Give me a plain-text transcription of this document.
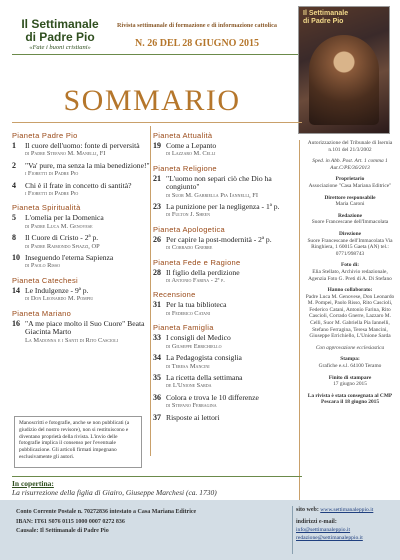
Il Settimanale
di Padre Pio
«Fate i buoni cristiani»
Rivista settimanale di formazione e di informazione cattolica
N. 26 DEL 28 GIUGNO 2015
Il Settimanale
di Padre Pio
SOMMARIO
Pianeta Padre Pio
1	Il cuore dell'uomo: fonte di perversità
di Padre Stefano M. Manelli, FI
2	"Va' pure, ma senza la mia benedizione!"
i Fioretti di Padre Pio
4	Chi è il frate in concetto di santità?
i Fioretti di Padre Pio
Pianeta Spiritualità
5	L'omelia per la Domenica
di Padre Luca M. Genovese
8	Il Cuore di Cristo - 2ª p.
di Padre Raimondo Spiazzi, OP
10 Inseguendo l'eterna Sapienza
di Paolo Risso
Pianeta Catechesi
14 Le Indulgenze - 9ª p.
di Don Leonardo M. Pompei
Pianeta Mariano
16 "A me piace molto il Suo Cuore" Beata Giacinta Marto
La Madonna e i Santi di Rito Cascioli
Pianeta Attualità
19 Come a Lepanto
di Lazzaro M. Celli
Pianeta Religione
21 "L'uomo non separi ciò che Dio ha congiunto"
di Suor M. Gabriella Pia Iannelli, FI
23 La punizione per la negligenza - 1ª p.
di Fulton J. Sheen
Pianeta Apologetica
26 Per capire la post-modernità - 2ª p.
di Corrado Gnerre
Pianeta Fede e Ragione
28 Il figlio della perdizione
di Antonio Farina - 2ª p.
Recensione
31 Per la tua biblioteca
di Federico Catani
Pianeta Famiglia
33 I consigli del Medico
di Giuseppe Errichiello
34 La Pedagogista consiglia
di Teresa Mancini
35 La ricetta della settimana
de L'Unione Sarda
36 Colora e trova le 10 differenze
di Stefano Ferragina
37 Risposte ai lettori
Autorizzazione del Tribunale di Isernia n.101 del 21/3/2002
Sped. in Abb. Post. Art. 1 comma 1 Aut.C/PE/36/2013
Proprietario
Associazione "Casa Mariana Editrice"
Direttore responsabile
Maria Caroni
Redazione
Suore Francescane dell'Immacolata
Direzione
Suore Francescane dell'Immacolata Via Ringhiera, 1 60015 Gaeta (AN) tel.: 0771/998743
Foto di:
Elia Stellato, Archivio redazionale, Agenzia Foto G. Preti di A. Di Stefano
Hanno collaborato:
Padre Luca M. Genovese, Don Leonardo M. Pompei, Paolo Risso, Rito Cascioli, Federico Catani, Antonio Farina, Rito Cascioli, Corrado Gnerre, Lazzaro M. Celli, Suor M. Gabriella Pia Iannelli, Stefano Ferragina, Teresa Mancini, Giuseppe Errichiello, L'Unione Sarda
Con approvazione ecclesiastica
Stampa:
Grafiche e.s.l. 64100 Teramo
Finito di stampare
17 giugno 2015
La rivista è stata consegnata al CMP Pescara il 18 giugno 2015
Manoscritti e fotografie, anche se non pubblicati (a giudizio del nostro revisore), non si restituiscono e diventano proprietà della rivista. L'invio delle fotografie implica il consenso per l'eventuale pubblicazione. Gli articoli firmati impegnano esclusivamente gli autori.
In copertina:
La risurrezione della figlia di Giairo, Giuseppe Marchesi (ca. 1730)
Conto Corrente Postale n. 70272836 intestato a Casa Mariana Editrice
IBAN: IT61 S076 0115 1000 0007 0272 836
Causale: Il Settimanale di Padre Pio
sito web: www.settimanaleppio.it
indirizzi e-mail:
info@settimanaleppio.it
redazione@settimanaleppio.it
